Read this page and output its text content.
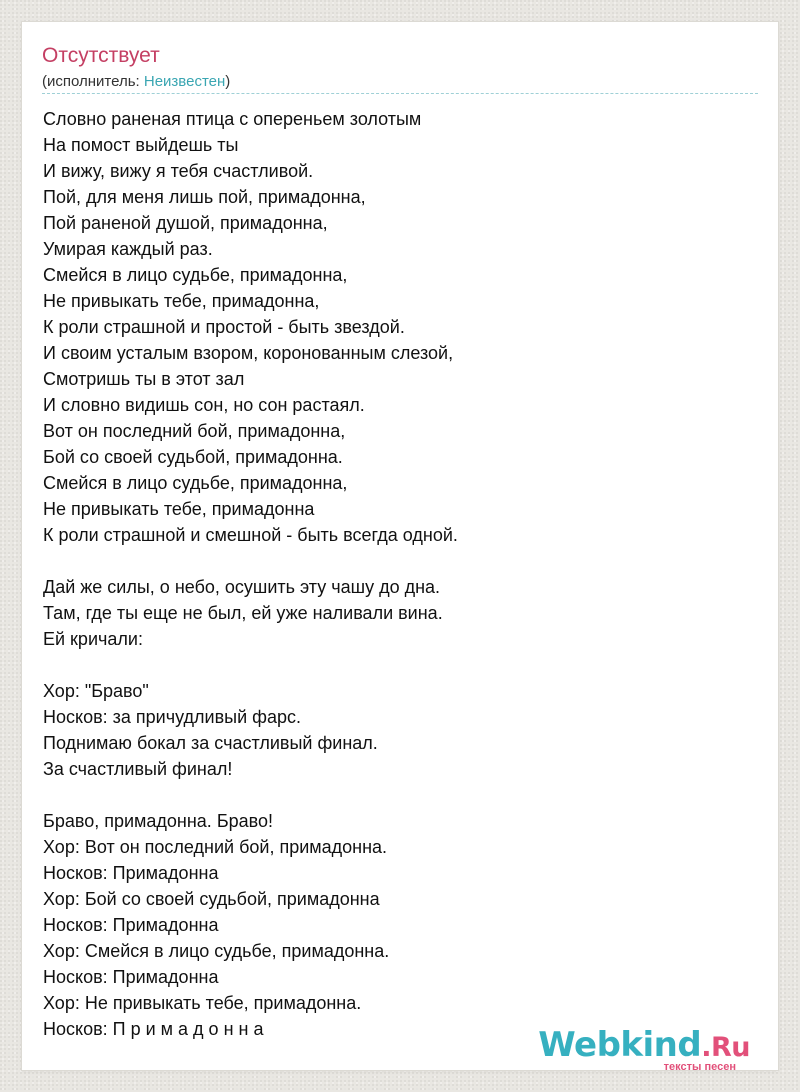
Отсутствует
(исполнитель: Неизвестен)
Словно раненая птица с опереньем золотым
На помост выйдешь ты
И вижу, вижу я тебя счастливой.
Пой, для меня лишь пой, примадонна,
Пой раненой душой, примадонна,
Умирая каждый раз.
Смейся в лицо судьбе, примадонна,
Не привыкать тебе, примадонна,
К роли страшной и простой - быть звездой.
И своим усталым взором, коронованным слезой,
Смотришь ты в этот зал
И словно видишь сон, но сон растаял.
Вот он последний бой, примадонна,
Бой со своей судьбой, примадонна.
Смейся в лицо судьбе, примадонна,
Не привыкать тебе, примадонна
К роли страшной и смешной - быть всегда одной.
Дай же силы, о небо, осушить эту чашу до дна.
Там, где ты еще не был, ей уже наливали вина.
Ей кричали:
Хор: "Браво"
Носков: за причудливый фарс.
Поднимаю бокал за счастливый финал.
За счастливый финал!
Браво, примадонна. Браво!
Хор: Вот он последний бой, примадонна.
Носков: Примадонна
Хор: Бой со своей судьбой, примадонна
Носков: Примадонна
Хор: Смейся в лицо судьбе, примадонна.
Носков: Примадонна
Хор: Не привыкать тебе, примадонна.
Носков: П р и м а д о н н а	Webkind.Ru
тексты песен
